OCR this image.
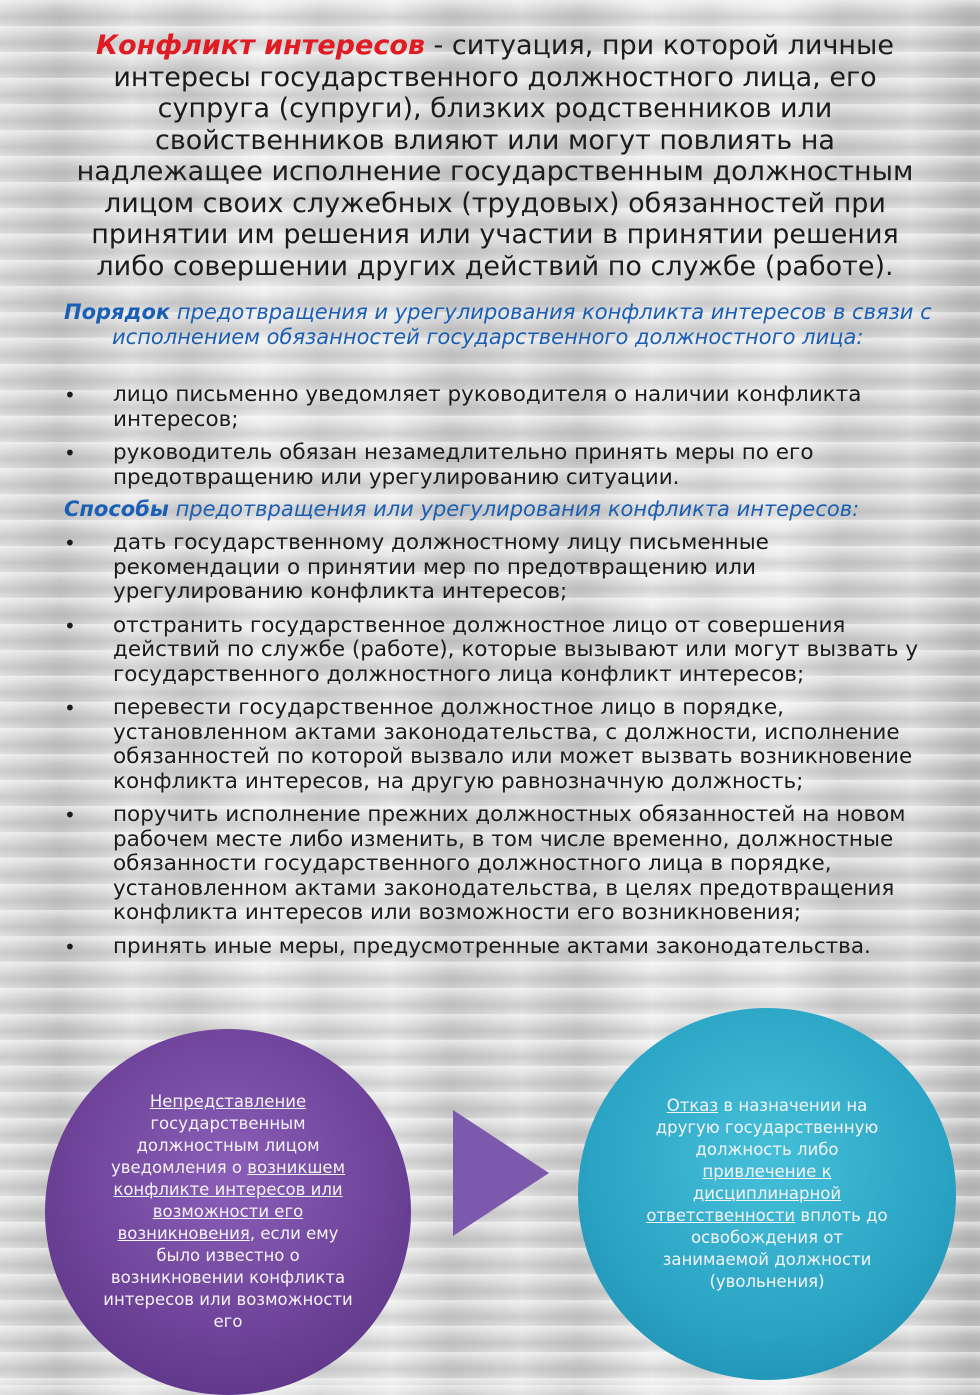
Конфликт интересов - ситуация, при которой личные интересы государственного должностного лица, его супруга (супруги), близких родственников или свойственников влияют или могут повлиять на надлежащее исполнение государственным должностным лицом своих служебных (трудовых) обязанностей при принятии им решения или участии в принятии решения либо совершении других действий по службе (работе).
Порядок предотвращения и урегулирования конфликта интересов в связи с исполнением обязанностей государственного должностного лица:
• лицо письменно уведомляет руководителя о наличии конфликта интересов;
• руководитель обязан незамедлительно принять меры по его предотвращению или урегулированию ситуации.
Способы предотвращения или урегулирования конфликта интересов:
• дать государственному должностному лицу письменные рекомендации о принятии мер по предотвращению или урегулированию конфликта интересов;
• отстранить государственное должностное лицо от совершения действий по службе (работе), которые вызывают или могут вызвать у государственного должностного лица конфликт интересов;
• перевести государственное должностное лицо в порядке, установленном актами законодательства, с должности, исполнение обязанностей по которой вызвало или может вызвать возникновение конфликта интересов, на другую равнозначную должность;
• поручить исполнение прежних должностных обязанностей на новом рабочем месте либо изменить, в том числе временно, должностные обязанности государственного должностного лица в порядке, установленном актами законодательства, в целях предотвращения конфликта интересов или возможности его возникновения;
• принять иные меры, предусмотренные актами законодательства.
Непредставление государственным должностным лицом уведомления о возникшем конфликте интересов или возможности его возникновения, если ему было известно о возникновении конфликта интересов или возможности его
Отказ в назначении на другую государственную должность либо привлечение к дисциплинарной ответственности вплоть до освобождения от занимаемой должности (увольнения)
